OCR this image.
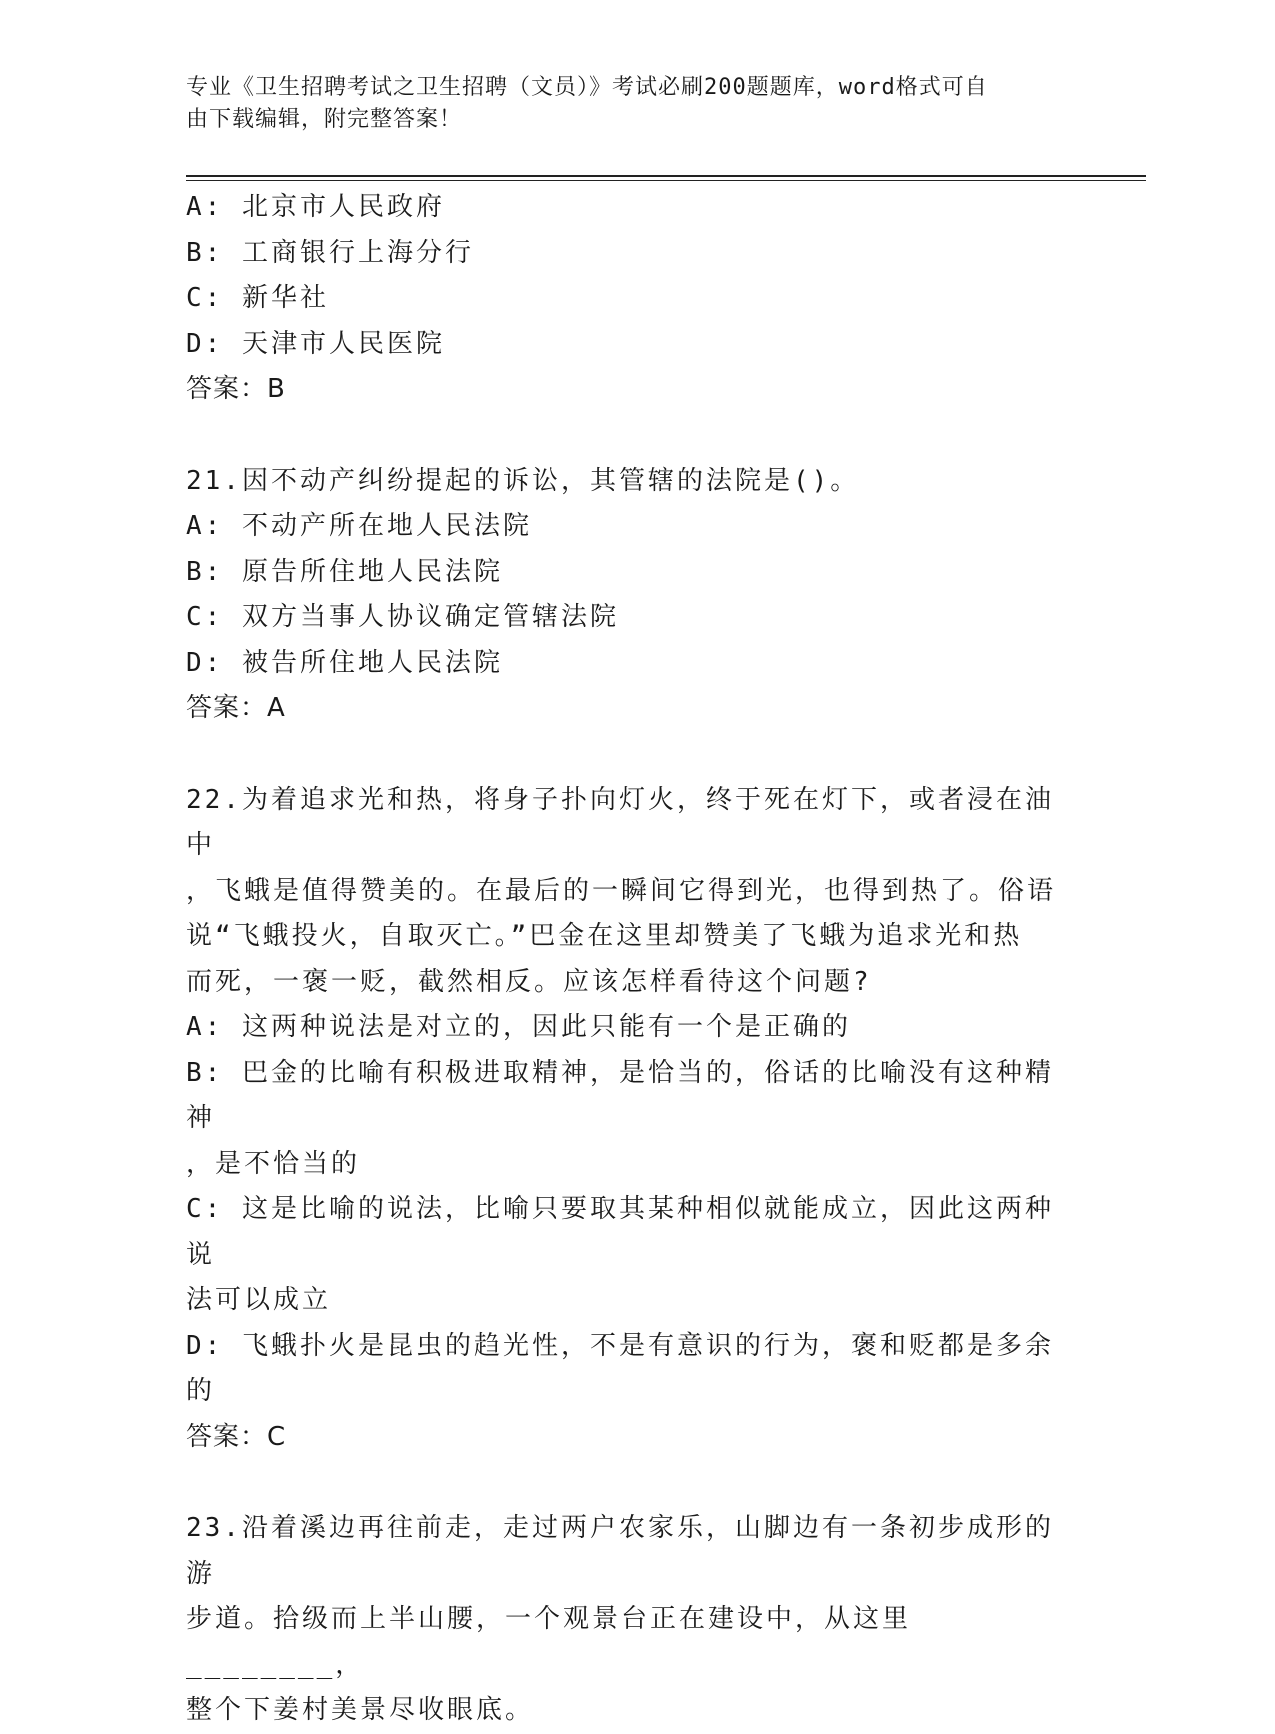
专业《卫生招聘考试之卫生招聘（文员）》考试必刷200题题库，word格式可自
由下载编辑，附完整答案！

A: 北京市人民政府

B: 工商银行上海分行

C: 新华社

D: 天津市人民医院

答案：B

21.因不动产纠纷提起的诉讼，其管辖的法院是()。

A: 不动产所在地人民法院

B: 原告所住地人民法院

C: 双方当事人协议确定管辖法院

D: 被告所住地人民法院

答案：A

22.为着追求光和热，将身子扑向灯火，终于死在灯下，或者浸在油中

，飞蛾是值得赞美的。在最后的一瞬间它得到光，也得到热了。俗语

说“飞蛾投火，自取灭亡。”巴金在这里却赞美了飞蛾为追求光和热

而死，一褒一贬，截然相反。应该怎样看待这个问题?

A: 这两种说法是对立的，因此只能有一个是正确的

B: 巴金的比喻有积极进取精神，是恰当的，俗话的比喻没有这种精神

，是不恰当的

C: 这是比喻的说法，比喻只要取其某种相似就能成立，因此这两种说

法可以成立

D: 飞蛾扑火是昆虫的趋光性，不是有意识的行为，褒和贬都是多余的

答案：C

23.沿着溪边再往前走，走过两户农家乐，山脚边有一条初步成形的游

步道。拾级而上半山腰，一个观景台正在建设中，从这里________，

整个下姜村美景尽收眼底。
